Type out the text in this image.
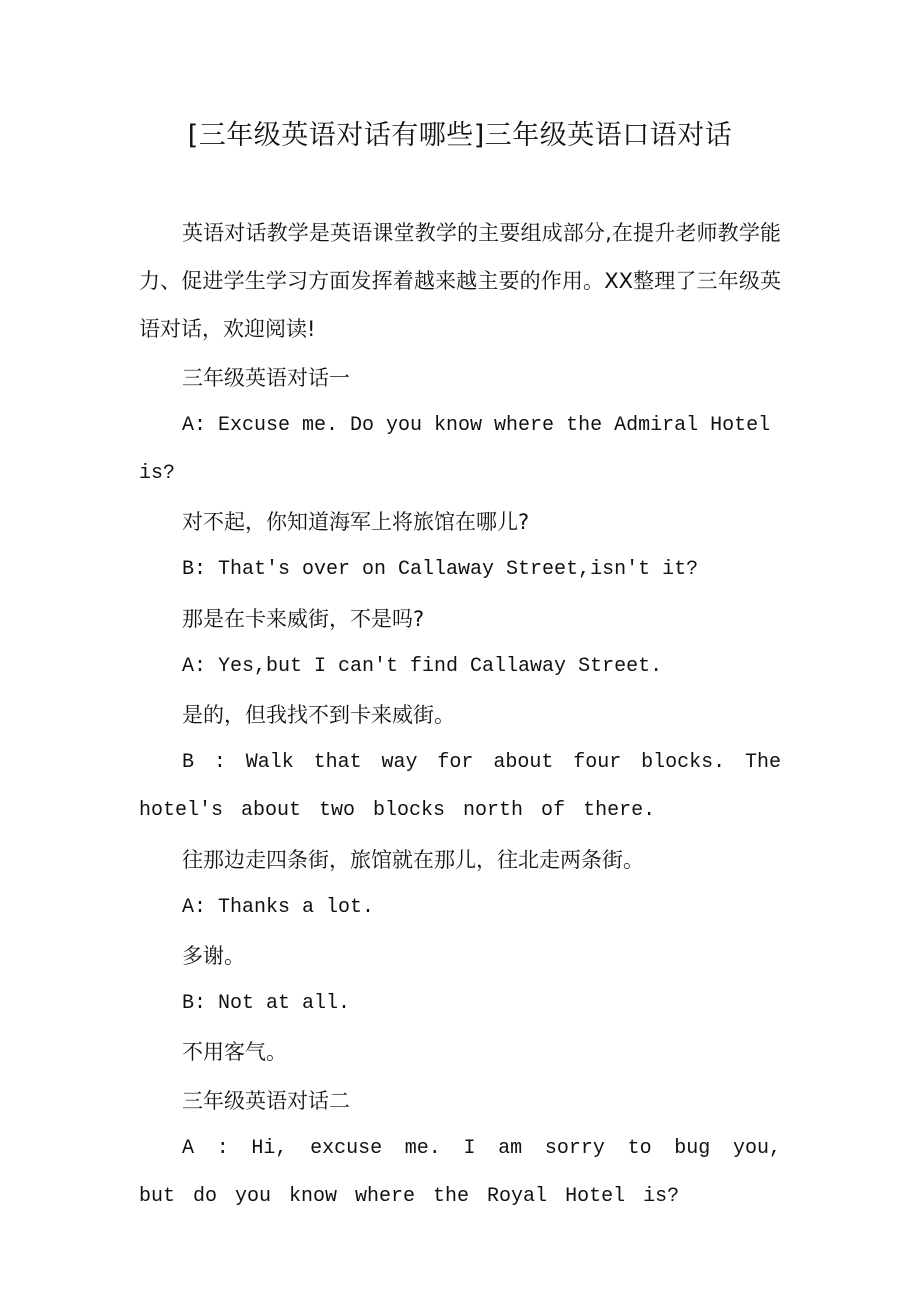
[三年级英语对话有哪些]三年级英语口语对话

英语对话教学是英语课堂教学的主要组成部分,在提升老师教学能力、促进学生学习方面发挥着越来越主要的作用。XX整理了三年级英语对话，欢迎阅读!

三年级英语对话一

A: Excuse me. Do you know where the Admiral Hotel is?

对不起，你知道海军上将旅馆在哪儿?

B: That's over on Callaway Street,isn't it?

那是在卡来威街，不是吗?

A: Yes,but I can't find Callaway Street.

是的，但我找不到卡来威街。

B : Walk that way for about four blocks. The hotel's about two blocks north of there.

往那边走四条街，旅馆就在那儿，往北走两条街。

A: Thanks a lot.

多谢。

B: Not at all.

不用客气。

三年级英语对话二

A : Hi, excuse me. I am sorry to bug you, but do you know where the Royal Hotel is?
